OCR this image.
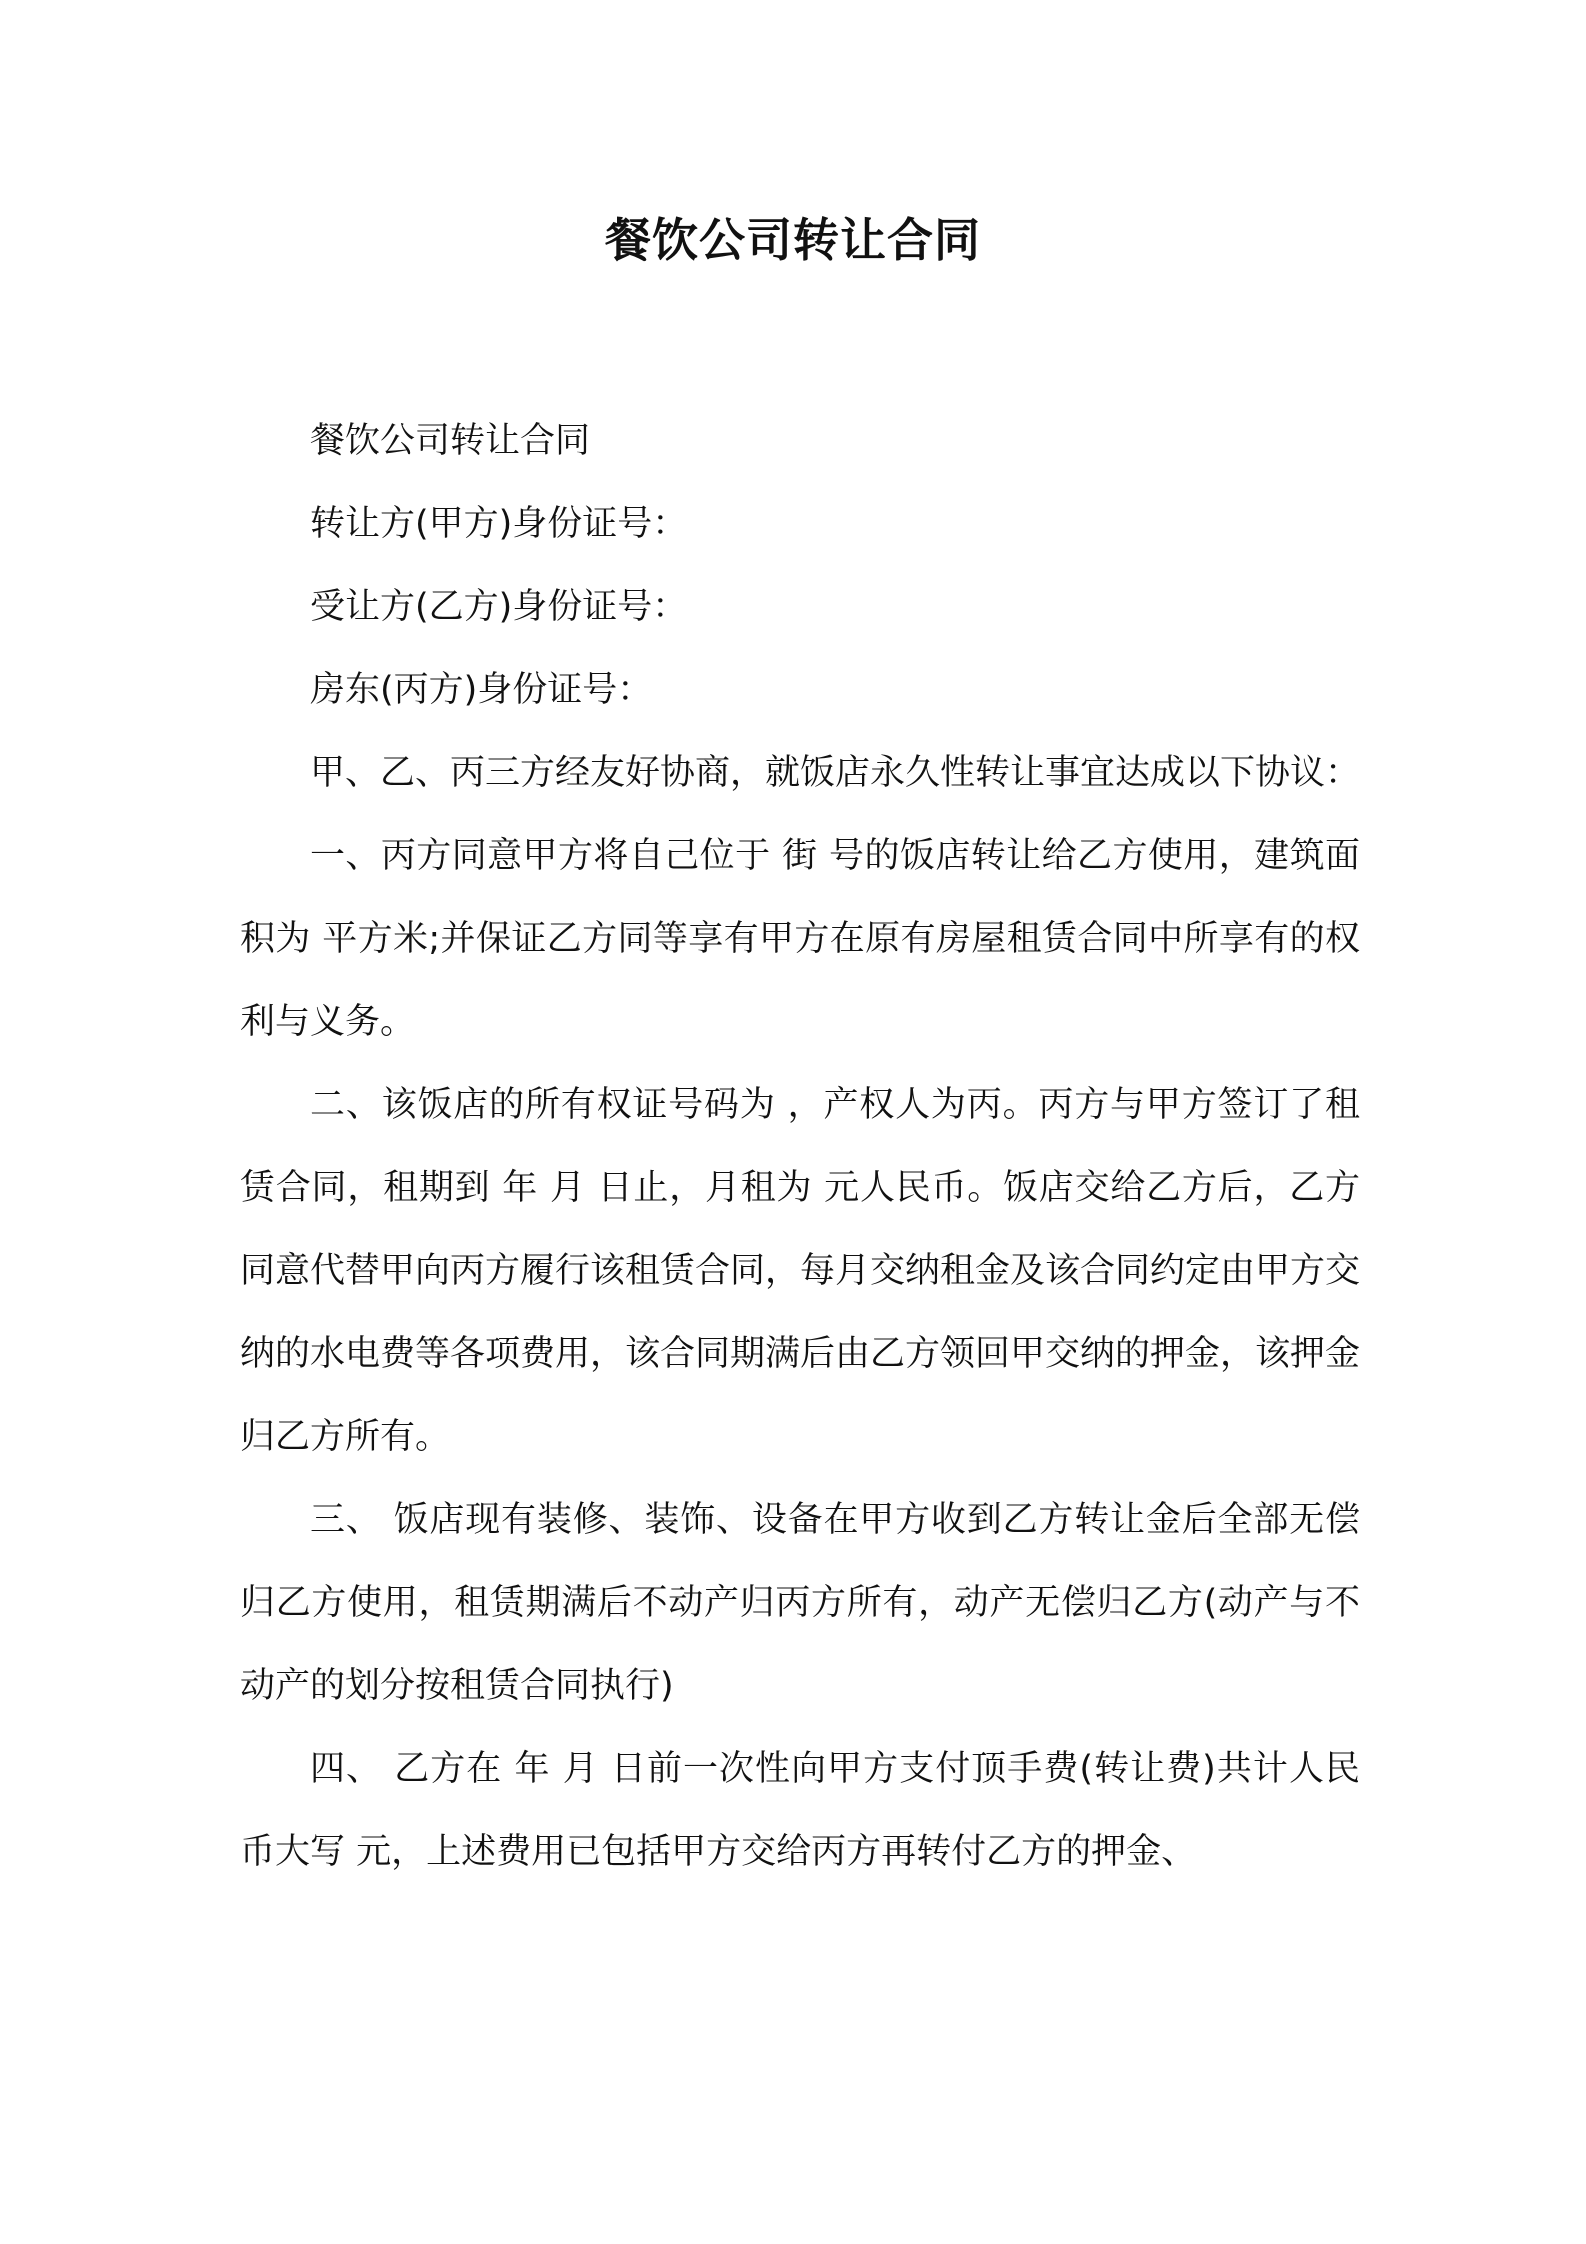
餐饮公司转让合同

餐饮公司转让合同

转让方(甲方)身份证号：

受让方(乙方)身份证号：

房东(丙方)身份证号：

甲、乙、丙三方经友好协商，就饭店永久性转让事宜达成以下协议：

一、丙方同意甲方将自己位于 街 号的饭店转让给乙方使用，建筑面积为 平方米;并保证乙方同等享有甲方在原有房屋租赁合同中所享有的权利与义务。

二、该饭店的所有权证号码为 ，产权人为丙。丙方与甲方签订了租赁合同，租期到 年 月 日止，月租为 元人民币。饭店交给乙方后，乙方同意代替甲向丙方履行该租赁合同，每月交纳租金及该合同约定由甲方交纳的水电费等各项费用，该合同期满后由乙方领回甲交纳的押金，该押金归乙方所有。

三、 饭店现有装修、装饰、设备在甲方收到乙方转让金后全部无偿归乙方使用，租赁期满后不动产归丙方所有，动产无偿归乙方(动产与不动产的划分按租赁合同执行)

四、 乙方在 年 月 日前一次性向甲方支付顶手费(转让费)共计人民币大写 元，上述费用已包括甲方交给丙方再转付乙方的押金、
